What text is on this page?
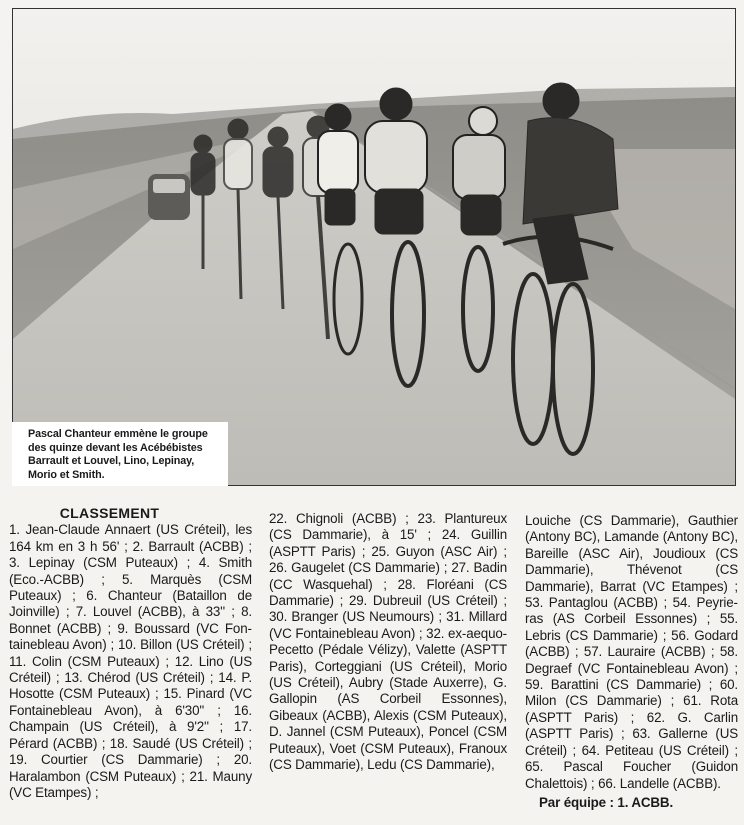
Pascal Chanteur emmène le groupe
des quinze devant les Acébébistes
Barrault et Louvel, Lino, Lepinay,
Morio et Smith.
CLASSEMENT
1. Jean-Claude Annaert (US Créteil), les 164 km en 3 h 56' ; 2. Barrault (ACBB) ; 3. Lepinay (CSM Puteaux) ; 4. Smith (Eco.-ACBB) ; 5. Marquès (CSM Puteaux) ; 6. Chanteur (Bataillon de Joinville) ; 7. Louvel (ACBB), à 33'' ; 8. Bonnet (ACBB) ; 9. Boussard (VC Fontainebleau Avon) ; 10. Billon (US Créteil) ; 11. Colin (CSM Puteaux) ; 12. Lino (US Créteil) ; 13. Chérod (US Créteil) ; 14. P. Hosotte (CSM Puteaux) ; 15. Pinard (VC Fontainebleau Avon), à 6'30'' ; 16. Champain (US Créteil), à 9'2'' ; 17. Pérard (ACBB) ; 18. Saudé (US Créteil) ; 19. Courtier (CS Dammarie) ; 20. Haralambon (CSM Puteaux) ; 21. Mauny (VC Etampes) ;
22. Chignoli (ACBB) ; 23. Plantureux (CS Dammarie), à 15' ; 24. Guillin (ASPTT Paris) ; 25. Guyon (ASC Air) ; 26. Gaugelet (CS Dammarie) ; 27. Badin (CC Wasquehal) ; 28. Floréani (CS Dammarie) ; 29. Dubreuil (US Créteil) ; 30. Branger (US Neumours) ; 31. Millard (VC Fontainebleau Avon) ; 32. ex-aequo-Pecetto (Pédale Vélizy), Valette (ASPTT Paris), Corteggiani (US Créteil), Morio (US Créteil), Aubry (Stade Auxerre), G. Gallopin (AS Corbeil Essonnes), Gibeaux (ACBB), Alexis (CSM Puteaux), D. Jannel (CSM Puteaux), Poncel (CSM Puteaux), Voet (CSM Puteaux), Franoux (CS Dammarie), Ledu (CS Dammarie),
Louiche (CS Dammarie), Gauthier (Antony BC), Lamande (Antony BC), Bareille (ASC Air), Joudioux (CS Dammarie), Thévenot (CS Dammarie), Barrat (VC Etampes) ; 53. Pantaglou (ACBB) ; 54. Peyrieras (AS Corbeil Essonnes) ; 55. Lebris (CS Dammarie) ; 56. Godard (ACBB) ; 57. Lauraire (ACBB) ; 58. Degraef (VC Fontainebleau Avon) ; 59. Barattini (CS Dammarie) ; 60. Milon (CS Dammarie) ; 61. Rota (ASPTT Paris) ; 62. G. Carlin (ASPTT Paris) ; 63. Gallerne (US Créteil) ; 64. Petiteau (US Créteil) ; 65. Pascal Foucher (Guidon Chalettois) ; 66. Landelle (ACBB).
Par équipe : 1. ACBB.
